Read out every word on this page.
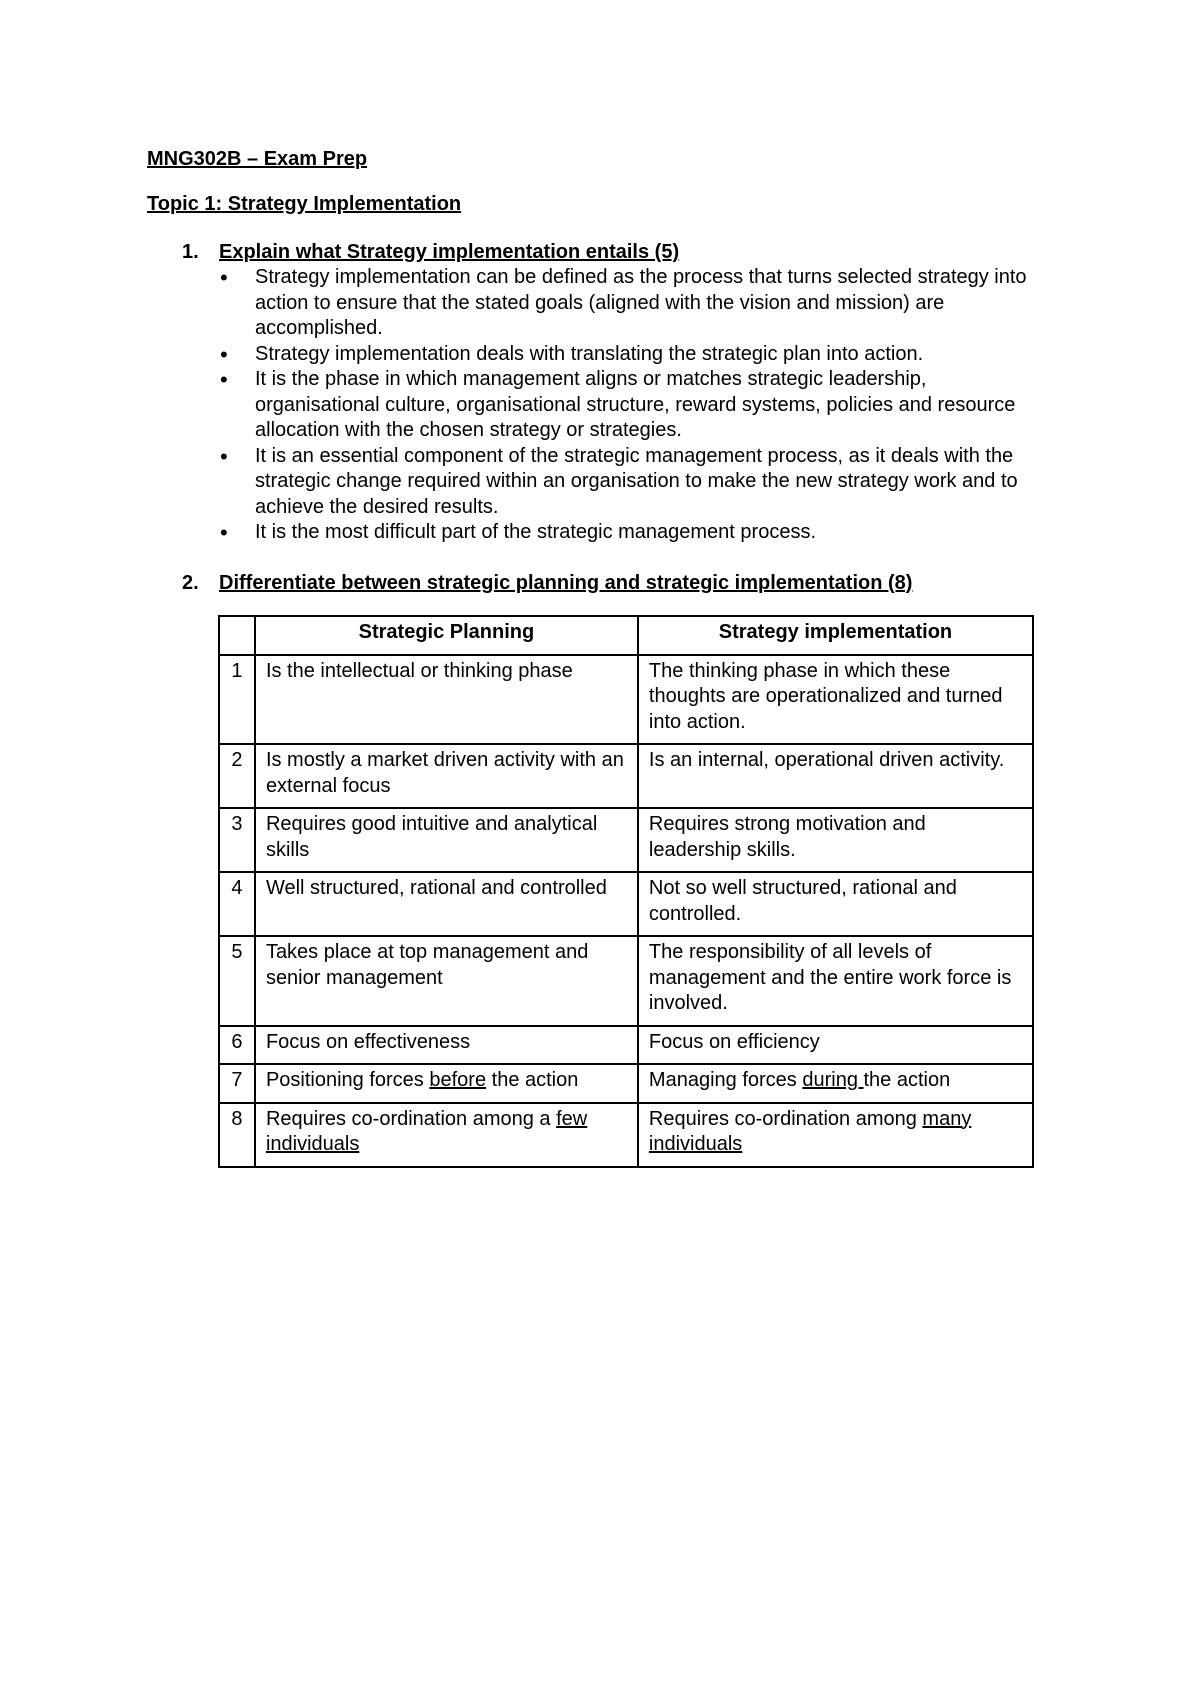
MNG302B – Exam Prep
Topic 1: Strategy Implementation
1. Explain what Strategy implementation entails (5)
• Strategy implementation can be defined as the process that turns selected strategy into action to ensure that the stated goals (aligned with the vision and mission) are accomplished.
• Strategy implementation deals with translating the strategic plan into action.
• It is the phase in which management aligns or matches strategic leadership, organisational culture, organisational structure, reward systems, policies and resource allocation with the chosen strategy or strategies.
• It is an essential component of the strategic management process, as it deals with the strategic change required within an organisation to make the new strategy work and to achieve the desired results.
• It is the most difficult part of the strategic management process.
2. Differentiate between strategic planning and strategic implementation (8)
	Strategic Planning	Strategy implementation
1	Is the intellectual or thinking phase	The thinking phase in which these thoughts are operationalized and turned into action.
2	Is mostly a market driven activity with an external focus	Is an internal, operational driven activity.
3	Requires good intuitive and analytical skills	Requires strong motivation and leadership skills.
4	Well structured, rational and controlled	Not so well structured, rational and controlled.
5	Takes place at top management and senior management	The responsibility of all levels of management and the entire work force is involved.
6	Focus on effectiveness	Focus on efficiency
7	Positioning forces before the action	Managing forces during the action
8	Requires co-ordination among a few individuals	Requires co-ordination among many individuals
